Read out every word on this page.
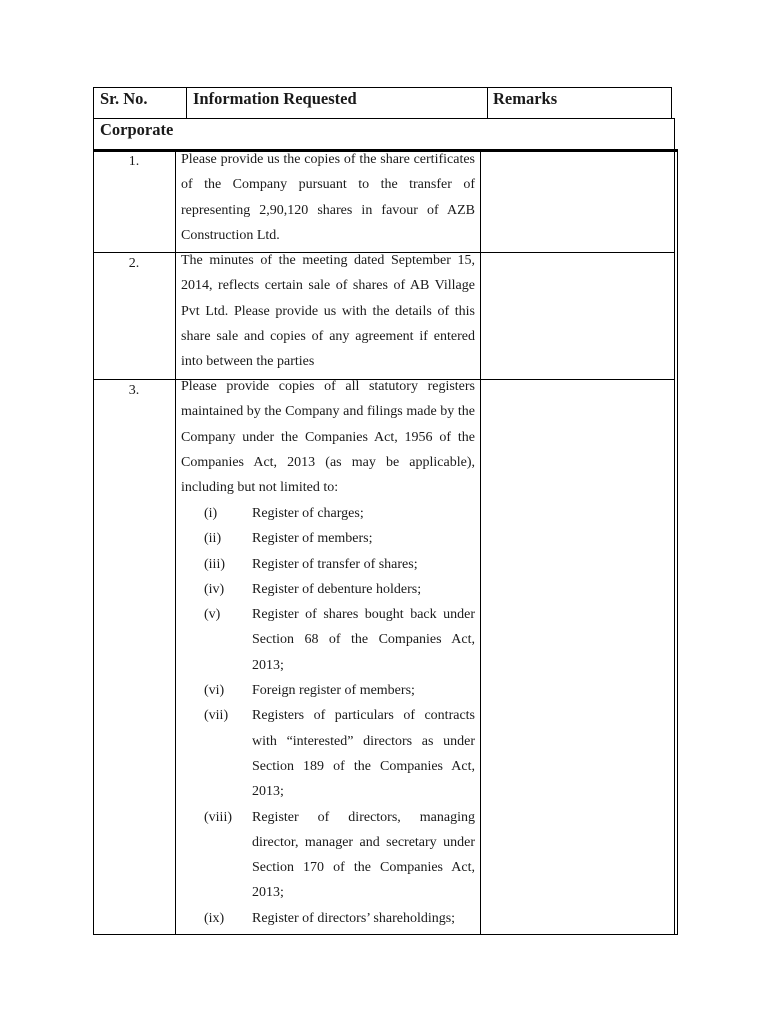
Sr. No.	Information Requested	Remarks
Corporate
1.	Please provide us the copies of the share certificates of the Company pursuant to the transfer of representing 2,90,120 shares in favour of AZB Construction Ltd.
2.	The minutes of the meeting dated September 15, 2014, reflects certain sale of shares of AB Village Pvt Ltd. Please provide us with the details of this share sale and copies of any agreement if entered into between the parties
3.	Please provide copies of all statutory registers maintained by the Company and filings made by the Company under the Companies Act, 1956 of the Companies Act, 2013 (as may be applicable), including but not limited to:
(i)	Register of charges;
(ii)	Register of members;
(iii)	Register of transfer of shares;
(iv)	Register of debenture holders;
(v)	Register of shares bought back under Section 68 of the Companies Act, 2013;
(vi)	Foreign register of members;
(vii)	Registers of particulars of contracts with “interested” directors as under Section 189 of the Companies Act, 2013;
(viii)	Register of directors, managing director, manager and secretary under Section 170 of the Companies Act, 2013;
(ix)	Register of directors’ shareholdings;
